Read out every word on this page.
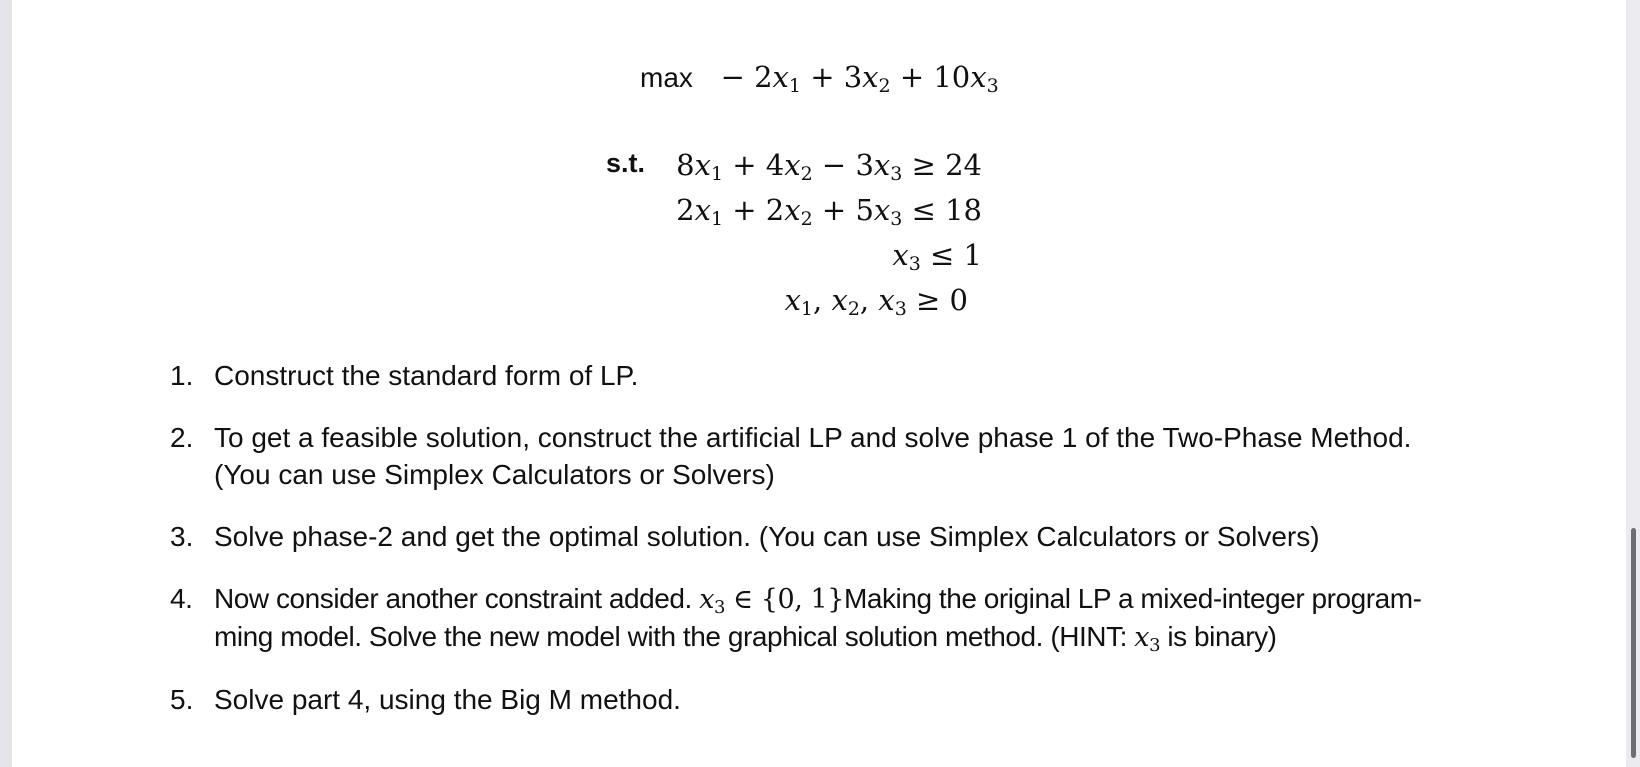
$\max - 2x_1 + 3x_2 + 10x_3$
s.t. $8x_1 + 4x_2 - 3x_3 \ge 24$
$2x_1 + 2x_2 + 5x_3 \le 18$
$x_3 \le 1$
$x_1$, $x_2$, $x_3 \ge 0$
1. Construct the standard form of LP.
2. To get a feasible solution, construct the artificial LP and solve phase 1 of the Two-Phase Method.
(You can use Simplex Calculators or Solvers)
3. Solve phase-2 and get the optimal solution. (You can use Simplex Calculators or Solvers)
4. Now consider another constraint added. $x_3$ ∈ {0, 1}Making the original LP a mixed-integer program-
ming model. Solve the new model with the graphical solution method. (HINT: $x_3$ is binary)
5. Solve part 4, using the Big M method.
